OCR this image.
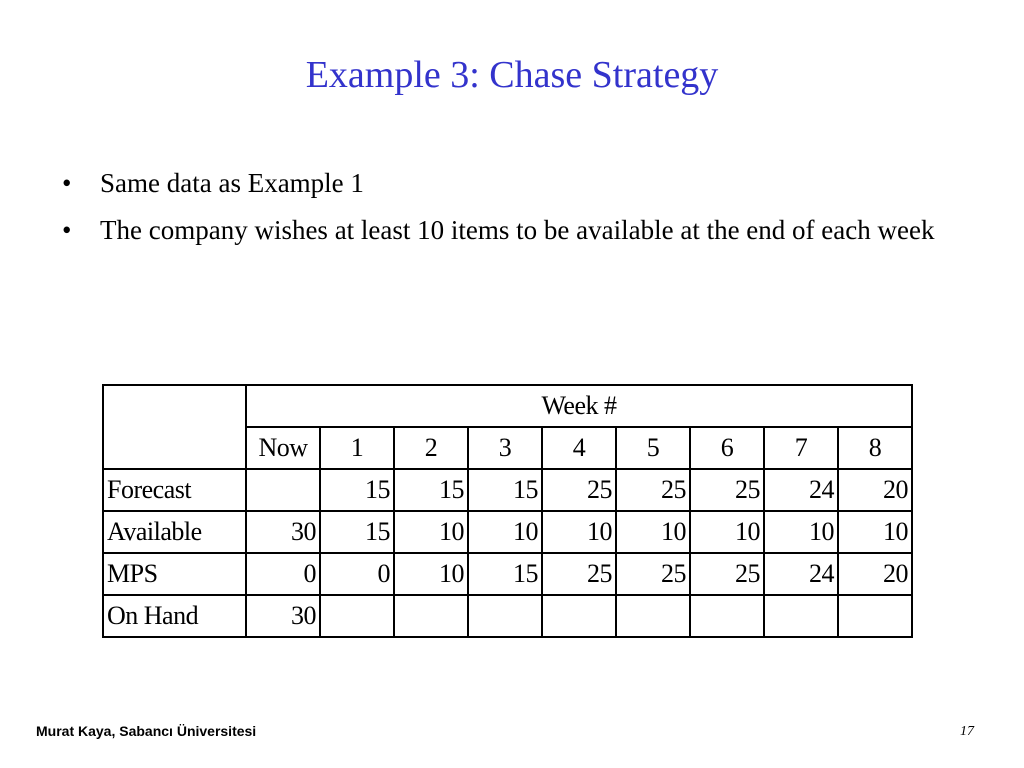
Example 3: Chase Strategy
• Same data as Example 1
• The company wishes at least 10 items to be available at the end of each week
	Week #								
	Now	1	2	3	4	5	6	7	8
Forecast		15	15	15	25	25	25	24	20
Available	30	15	10	10	10	10	10	10	10
MPS	0	0	10	15	25	25	25	24	20
On Hand	30								
Murat Kaya, Sabancı Üniversitesi	17
